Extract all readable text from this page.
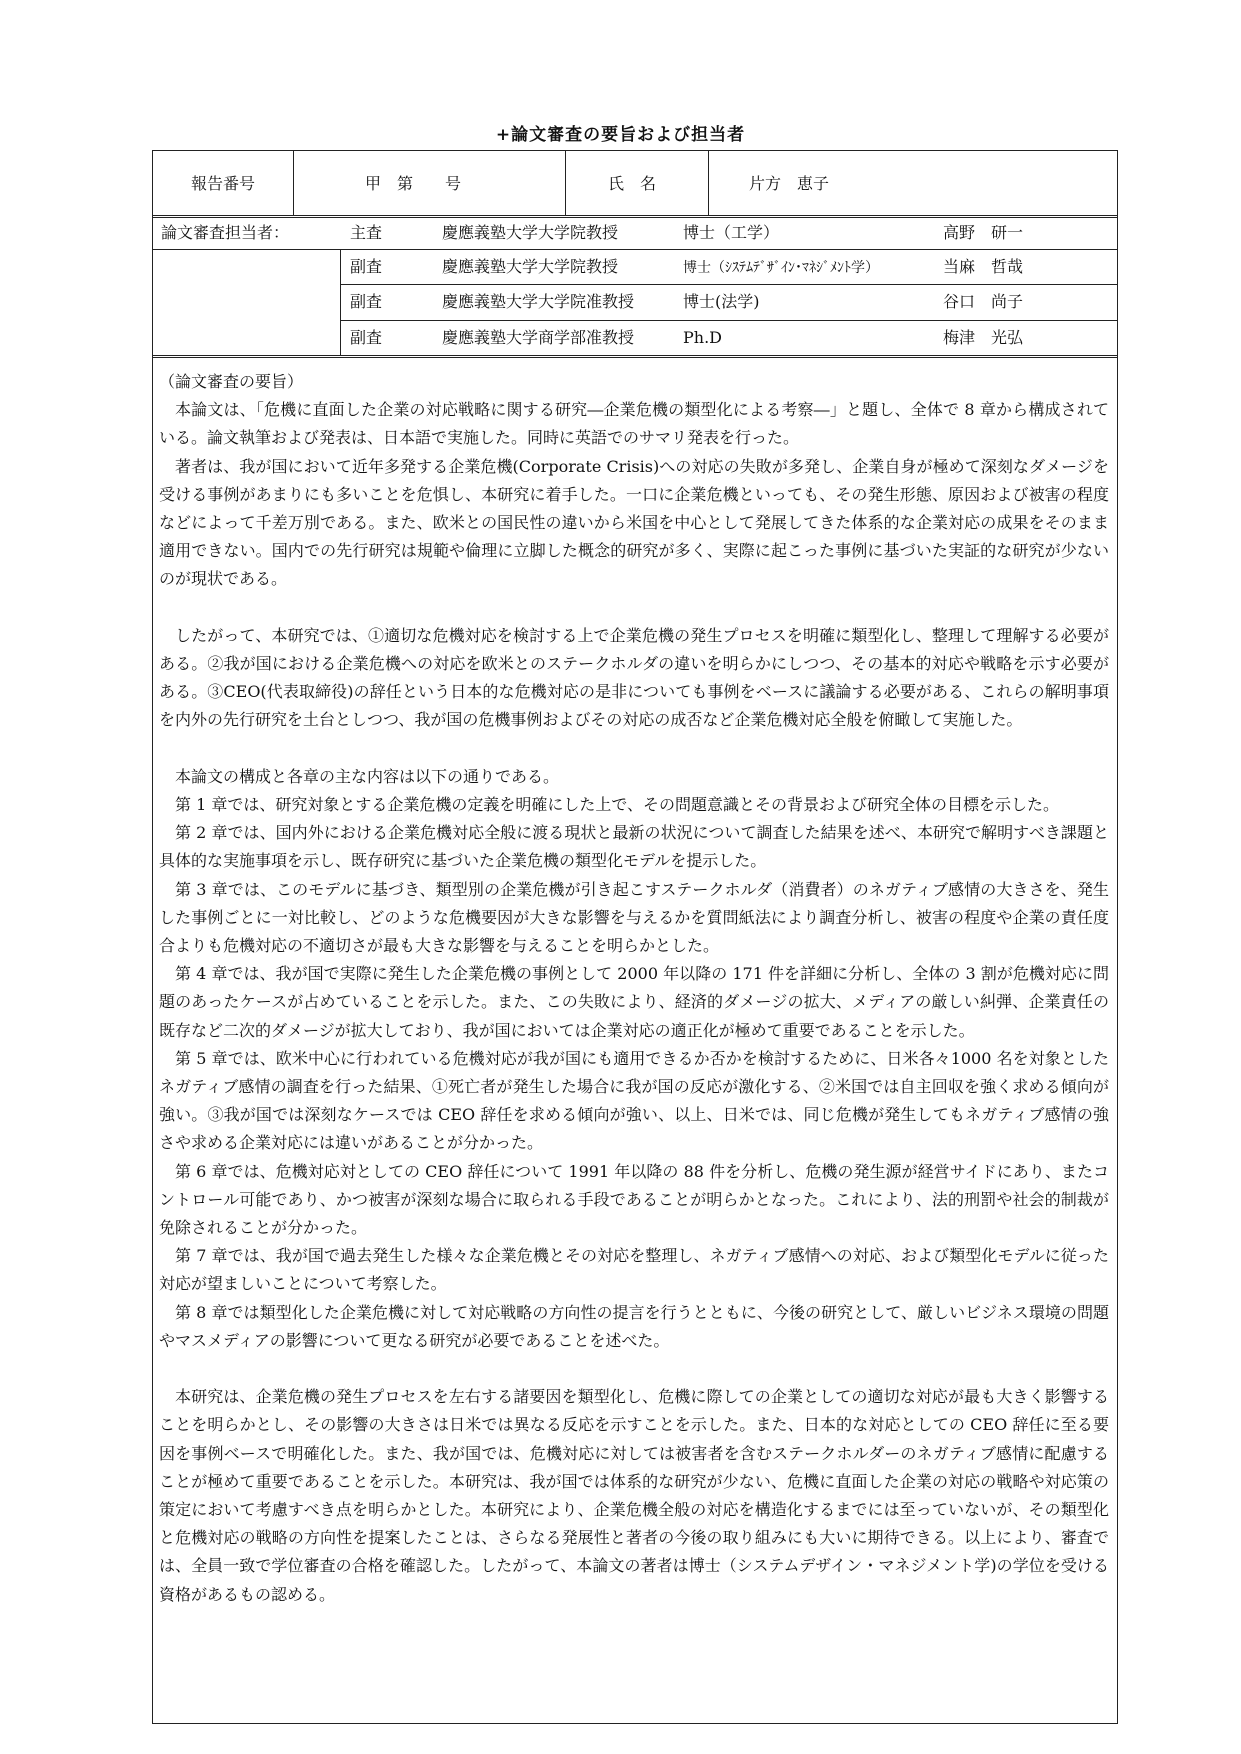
+論文審査の要旨および担当者
報告番号	甲　第　　号	氏　名	片方　恵子
論文審査担当者：	主査	慶應義塾大学大学院教授	博士（工学）	高野　研一
副査	慶應義塾大学大学院教授	博士（ｼｽﾃﾑﾃﾞｻﾞｲﾝ･ﾏﾈｼﾞﾒﾝﾄ学）	当麻　哲哉
副査	慶應義塾大学大学院准教授	博士(法学)	谷口　尚子
副査	慶應義塾大学商学部准教授	Ph.D	梅津　光弘

（論文審査の要旨）

本論文は、「危機に直面した企業の対応戦略に関する研究―企業危機の類型化による考察―」と題し、全体で 8 章から構成されている。論文執筆および発表は、日本語で実施した。同時に英語でのサマリ発表を行った。

著者は、我が国において近年多発する企業危機(Corporate Crisis)への対応の失敗が多発し、企業自身が極めて深刻なダメージを受ける事例があまりにも多いことを危惧し、本研究に着手した。一口に企業危機といっても、その発生形態、原因および被害の程度などによって千差万別である。また、欧米との国民性の違いから米国を中心として発展してきた体系的な企業対応の成果をそのまま適用できない。国内での先行研究は規範や倫理に立脚した概念的研究が多く、実際に起こった事例に基づいた実証的な研究が少ないのが現状である。

したがって、本研究では、①適切な危機対応を検討する上で企業危機の発生プロセスを明確に類型化し、整理して理解する必要がある。②我が国における企業危機への対応を欧米とのステークホルダの違いを明らかにしつつ、その基本的対応や戦略を示す必要がある。③CEO(代表取締役)の辞任という日本的な危機対応の是非についても事例をベースに議論する必要がある、これらの解明事項を内外の先行研究を土台としつつ、我が国の危機事例およびその対応の成否など企業危機対応全般を俯瞰して実施した。

本論文の構成と各章の主な内容は以下の通りである。

第 1 章では、研究対象とする企業危機の定義を明確にした上で、その問題意識とその背景および研究全体の目標を示した。

第 2 章では、国内外における企業危機対応全般に渡る現状と最新の状況について調査した結果を述べ、本研究で解明すべき課題と具体的な実施事項を示し、既存研究に基づいた企業危機の類型化モデルを提示した。

第 3 章では、このモデルに基づき、類型別の企業危機が引き起こすステークホルダ（消費者）のネガティブ感情の大きさを、発生した事例ごとに一対比較し、どのような危機要因が大きな影響を与えるかを質問紙法により調査分析し、被害の程度や企業の責任度合よりも危機対応の不適切さが最も大きな影響を与えることを明らかとした。

第 4 章では、我が国で実際に発生した企業危機の事例として 2000 年以降の 171 件を詳細に分析し、全体の 3 割が危機対応に問題のあったケースが占めていることを示した。また、この失敗により、経済的ダメージの拡大、メディアの厳しい糾弾、企業責任の既存など二次的ダメージが拡大しており、我が国においては企業対応の適正化が極めて重要であることを示した。

第 5 章では、欧米中心に行われている危機対応が我が国にも適用できるか否かを検討するために、日米各々1000 名を対象としたネガティブ感情の調査を行った結果、①死亡者が発生した場合に我が国の反応が激化する、②米国では自主回収を強く求める傾向が強い。③我が国では深刻なケースでは CEO 辞任を求める傾向が強い、以上、日米では、同じ危機が発生してもネガティブ感情の強さや求める企業対応には違いがあることが分かった。

第 6 章では、危機対応対としての CEO 辞任について 1991 年以降の 88 件を分析し、危機の発生源が経営サイドにあり、またコントロール可能であり、かつ被害が深刻な場合に取られる手段であることが明らかとなった。これにより、法的刑罰や社会的制裁が免除されることが分かった。

第 7 章では、我が国で過去発生した様々な企業危機とその対応を整理し、ネガティブ感情への対応、および類型化モデルに従った対応が望ましいことについて考察した。

第 8 章では類型化した企業危機に対して対応戦略の方向性の提言を行うとともに、今後の研究として、厳しいビジネス環境の問題やマスメディアの影響について更なる研究が必要であることを述べた。

本研究は、企業危機の発生プロセスを左右する諸要因を類型化し、危機に際しての企業としての適切な対応が最も大きく影響することを明らかとし、その影響の大きさは日米では異なる反応を示すことを示した。また、日本的な対応としての CEO 辞任に至る要因を事例ベースで明確化した。また、我が国では、危機対応に対しては被害者を含むステークホルダーのネガティブ感情に配慮することが極めて重要であることを示した。本研究は、我が国では体系的な研究が少ない、危機に直面した企業の対応の戦略や対応策の策定において考慮すべき点を明らかとした。本研究により、企業危機全般の対応を構造化するまでには至っていないが、その類型化と危機対応の戦略の方向性を提案したことは、さらなる発展性と著者の今後の取り組みにも大いに期待できる。以上により、審査では、全員一致で学位審査の合格を確認した。したがって、本論文の著者は博士（システムデザイン・マネジメント学)の学位を受ける資格があるもの認める。
